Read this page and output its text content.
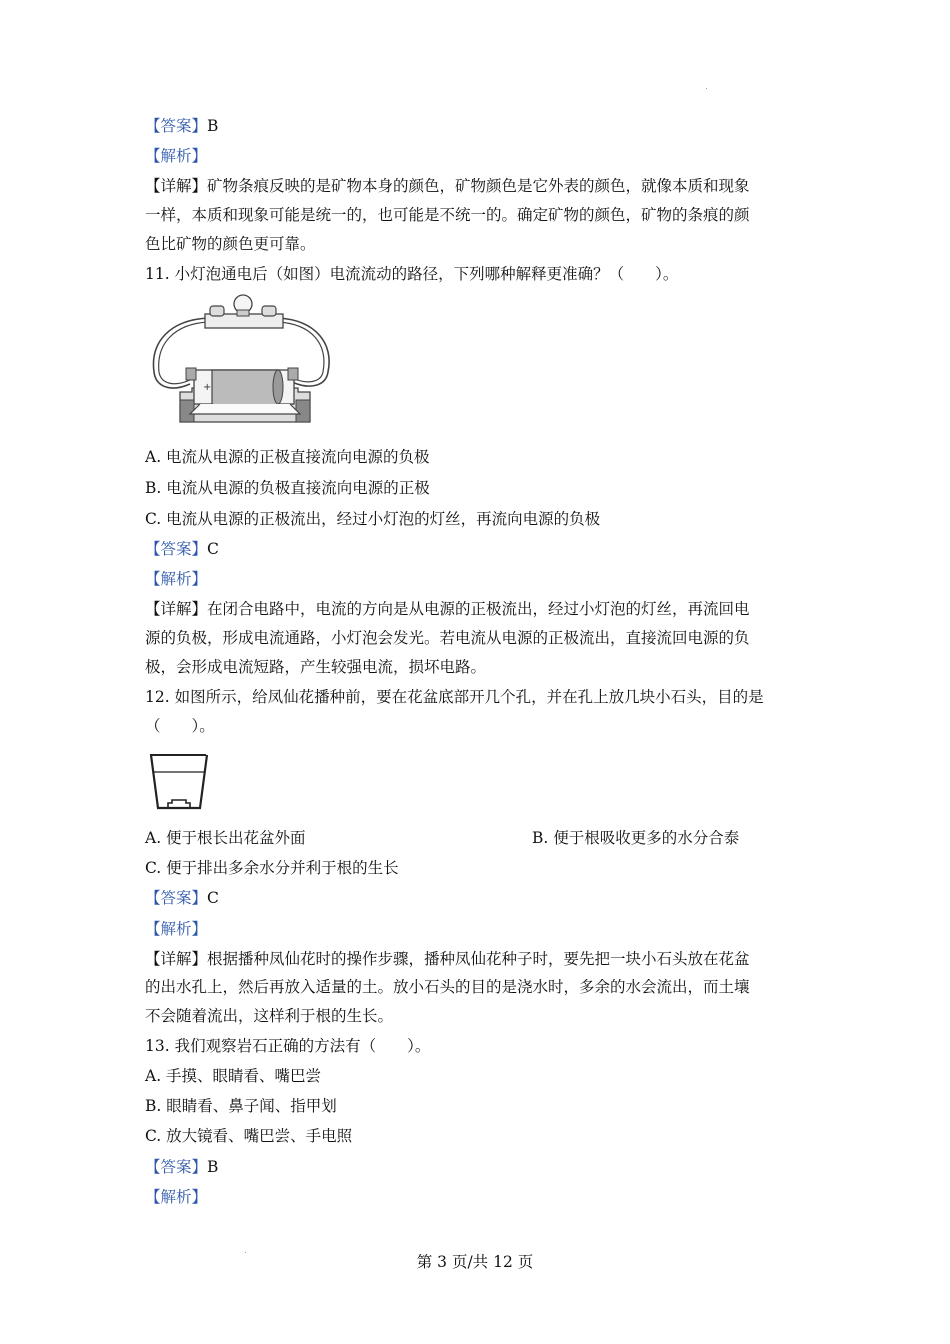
【答案】B
【解析】
【详解】矿物条痕反映的是矿物本身的颜色，矿物颜色是它外表的颜色，就像本质和现象
一样，本质和现象可能是统一的，也可能是不统一的。确定矿物的颜色，矿物的条痕的颜
色比矿物的颜色更可靠。
11. 小灯泡通电后（如图）电流流动的路径，下列哪种解释更准确？（　　）。
+
A. 电流从电源的正极直接流向电源的负极
B. 电流从电源的负极直接流向电源的正极
C. 电流从电源的正极流出，经过小灯泡的灯丝，再流向电源的负极
【答案】C
【解析】
【详解】在闭合电路中，电流的方向是从电源的正极流出，经过小灯泡的灯丝，再流回电
源的负极，形成电流通路，小灯泡会发光。若电流从电源的正极流出，直接流回电源的负
极，会形成电流短路，产生较强电流，损坏电路。
12. 如图所示，给凤仙花播种前，要在花盆底部开几个孔，并在孔上放几块小石头，目的是
（　　）。
A. 便于根长出花盆外面	B. 便于根吸收更多的水分合泰
C. 便于排出多余水分并利于根的生长
【答案】C
【解析】
【详解】根据播种凤仙花时的操作步骤，播种凤仙花种子时，要先把一块小石头放在花盆
的出水孔上，然后再放入适量的土。放小石头的目的是浇水时，多余的水会流出，而土壤
不会随着流出，这样利于根的生长。
13. 我们观察岩石正确的方法有（　　）。
A. 手摸、眼睛看、嘴巴尝
B. 眼睛看、鼻子闻、指甲划
C. 放大镜看、嘴巴尝、手电照
【答案】B
【解析】
第 3 页/共 12 页
